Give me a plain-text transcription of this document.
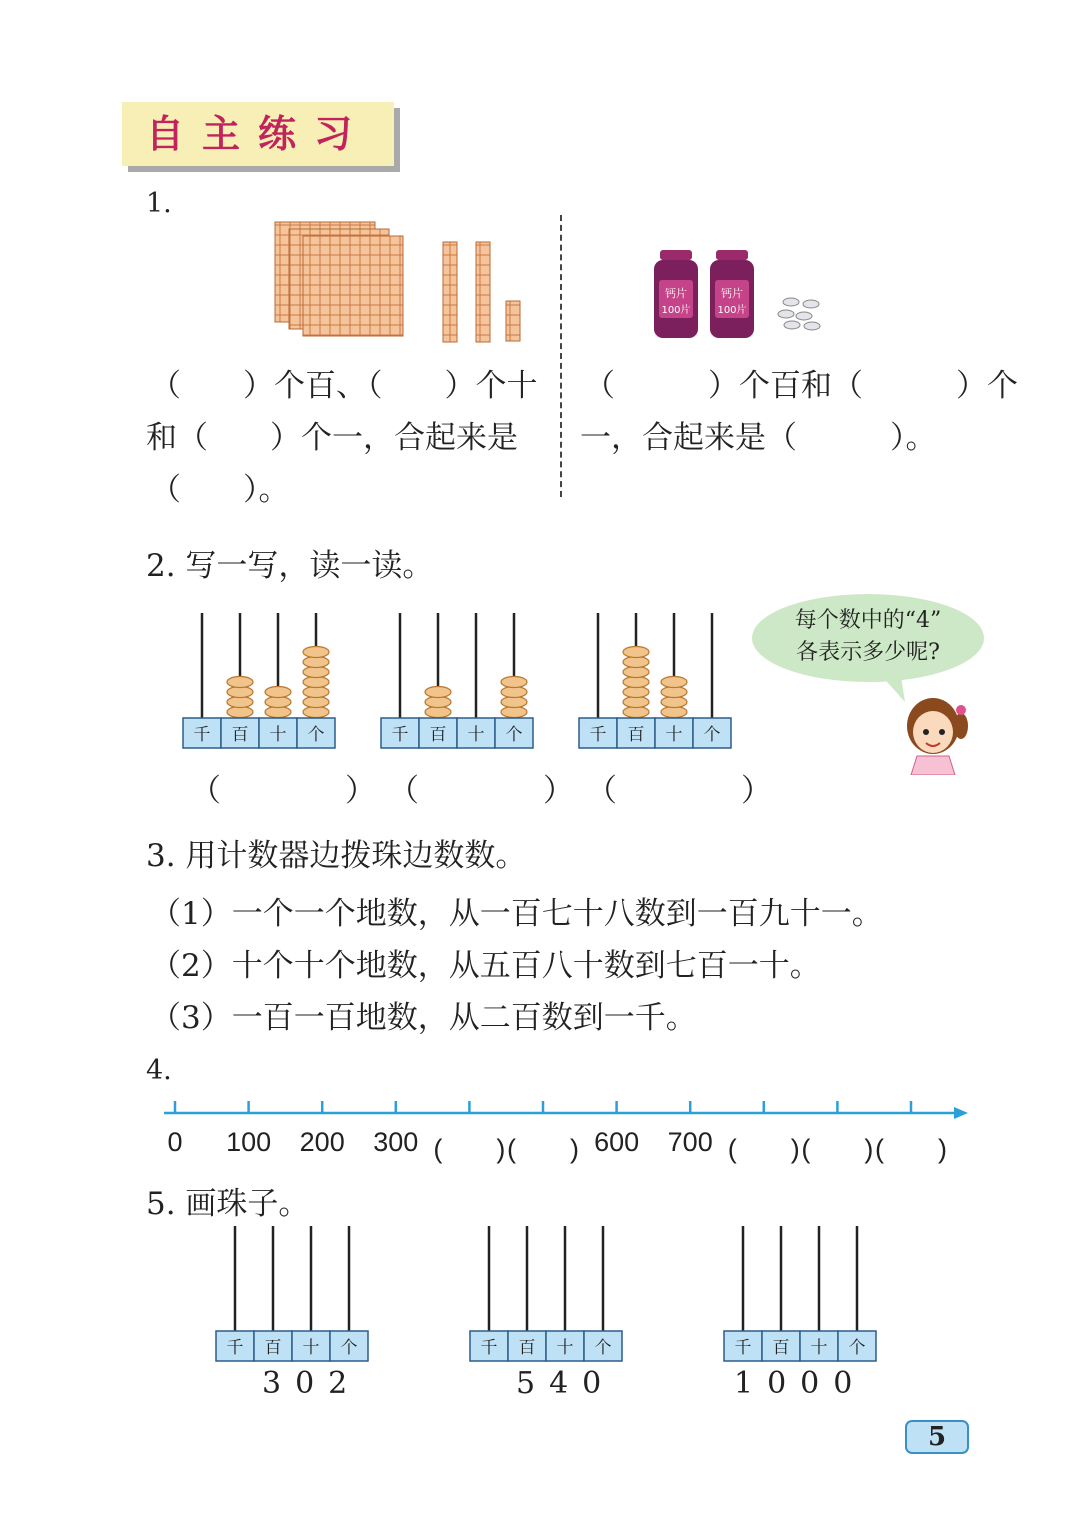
自主练习
1.
钙片
100片
钙片
100片
（　　）个百、（　　）个十
和（　　）个一，合起来是
（　　）。
（　　　）个百和（　　　）个
一，合起来是（　　　）。
2. 写一写，读一读。
千 百 十 个	千 百 十 个	千 百 十 个
（　　　　） （　　　　） （　　　　）
每个数中的“4”
各表示多少呢?
3. 用计数器边拨珠边数数。
（1）一个一个地数，从一百七十八数到一百九十一。
（2）十个十个地数，从五百八十数到七百一十。
（3）一百一百地数，从二百数到一千。
4.
0	100	200	300 (　　) (　　) 600	700 (　　) (　　) (　　)
5. 画珠子。
千 百 十 个	千 百 十 个	千 百 十 个
302	540	1000
5
